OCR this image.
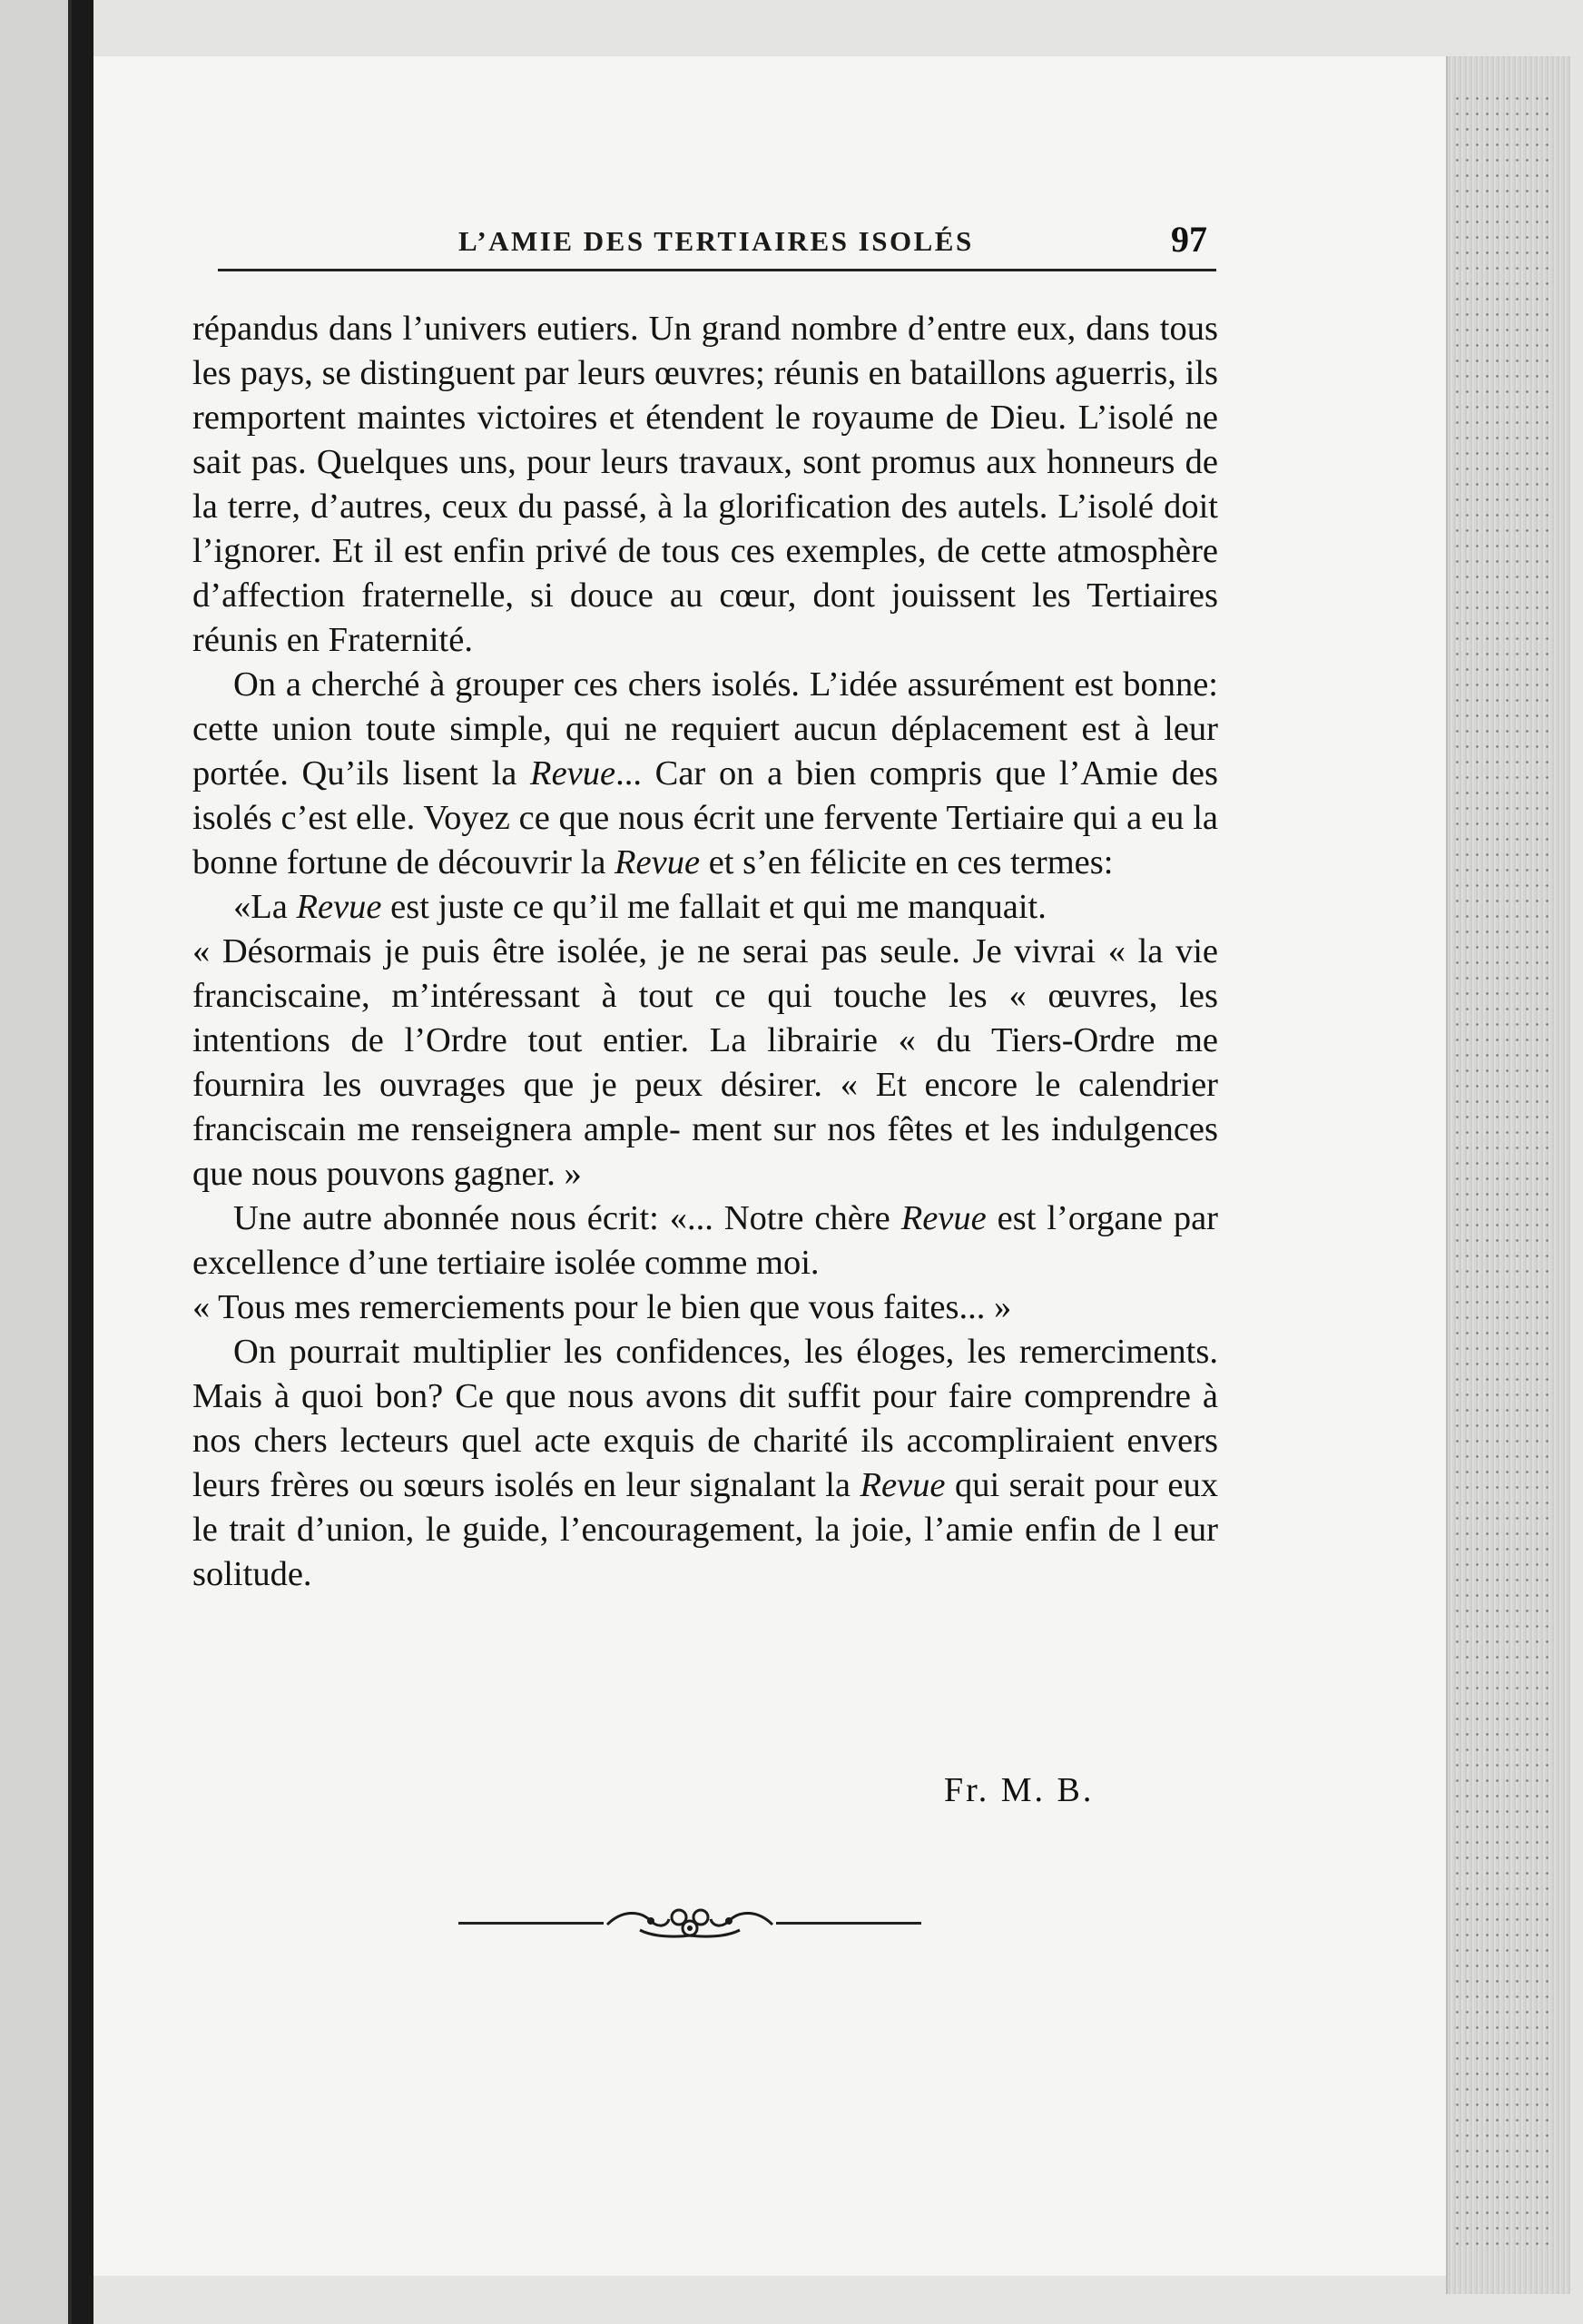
L’AMIE DES TERTIAIRES ISOLÉS	97

répandus dans l’univers eutiers. Un grand nombre d’entre eux, dans tous les pays, se distinguent par leurs œuvres; réunis en bataillons aguerris, ils remportent maintes victoires et étendent le royaume de Dieu. L’isolé ne sait pas. Quelques uns, pour leurs travaux, sont promus aux honneurs de la terre, d’autres, ceux du passé, à la glorification des autels. L’isolé doit l’ignorer. Et il est enfin privé de tous ces exemples, de cette atmosphère d’affection fraternelle, si douce au cœur, dont jouissent les Tertiaires réunis en Fraternité.

On a cherché à grouper ces chers isolés. L’idée assurément est bonne: cette union toute simple, qui ne requiert aucun déplacement est à leur portée. Qu’ils lisent la Revue... Car on a bien compris que l’Amie des isolés c’est elle. Voyez ce que nous écrit une fervente Tertiaire qui a eu la bonne fortune de découvrir la Revue et s’en félicite en ces termes:

«La Revue est juste ce qu’il me fallait et qui me manquait.

« Désormais je puis être isolée, je ne serai pas seule. Je vivrai « la vie franciscaine, m’intéressant à tout ce qui touche les « œuvres, les intentions de l’Ordre tout entier. La librairie « du Tiers-Ordre me fournira les ouvrages que je peux désirer. « Et encore le calendrier franciscain me renseignera ample- ment sur nos fêtes et les indulgences que nous pouvons gagner. »

Une autre abonnée nous écrit: «... Notre chère Revue est l’organe par excellence d’une tertiaire isolée comme moi.

« Tous mes remerciements pour le bien que vous faites... »

On pourrait multiplier les confidences, les éloges, les remerciments. Mais à quoi bon? Ce que nous avons dit suffit pour faire comprendre à nos chers lecteurs quel acte exquis de charité ils accompliraient envers leurs frères ou sœurs isolés en leur signalant la Revue qui serait pour eux le trait d’union, le guide, l’encouragement, la joie, l’amie enfin de l eur solitude.

Fr. M. B.
